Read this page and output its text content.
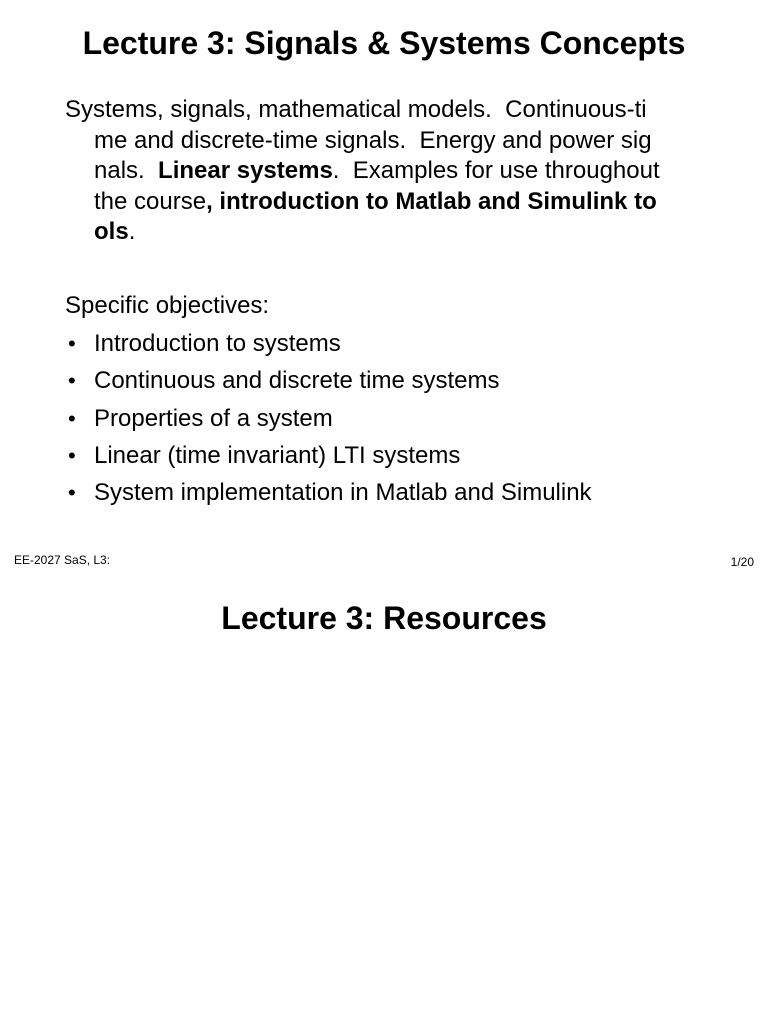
Lecture 3: Signals & Systems Concepts

Systems, signals, mathematical models.  Continuous-ti
me and discrete-time signals.  Energy and power sig
nals.  Linear systems.  Examples for use throughout
the course, introduction to Matlab and Simulink to
ols.

Specific objectives:

• Introduction to systems
• Continuous and discrete time systems
• Properties of a system
• Linear (time invariant) LTI systems
• System implementation in Matlab and Simulink
EE-2027 SaS, L3:	1/20
Lecture 3: Resources
